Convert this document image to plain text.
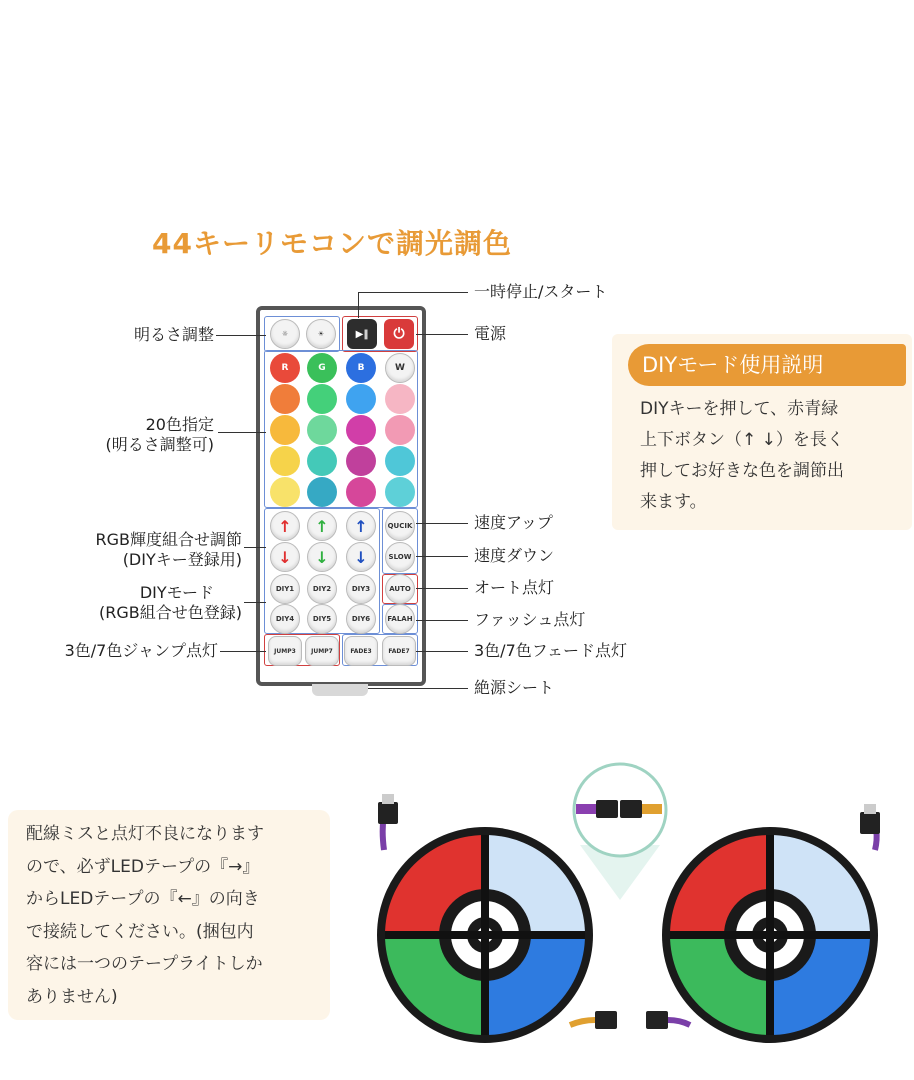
44キーリモコンで調光調色
☼	☀	▶‖	⏻
R	G	B	W
↑ ↑ ↑	QUCIK
↓ ↓ ↓	SLOW
DIY1	DIY2	DIY3	AUTO
DIY4	DIY5	DIY6	FALAH
JUMP3	JUMP7	FADE3	FADE7
明るさ調整
20色指定
(明るさ調整可)
RGB輝度組合せ調節
(DIYキー登録用)
DIYモード
(RGB組合せ色登録)
3色/7色ジャンプ点灯
一時停止/スタート
電源
速度アップ
速度ダウン
オート点灯
ファッシュ点灯
3色/7色フェード点灯
絶源シート
DIYモード使用説明
DIYキーを押して、赤青緑
上下ボタン（↑ ↓）を長く
押してお好きな色を調節出
来ます。
配線ミスと点灯不良になります
ので、必ずLEDテープの『→』
からLEDテープの『←』の向き
で接続してください。(捆包内
容には一つのテープライトしか
ありません)
